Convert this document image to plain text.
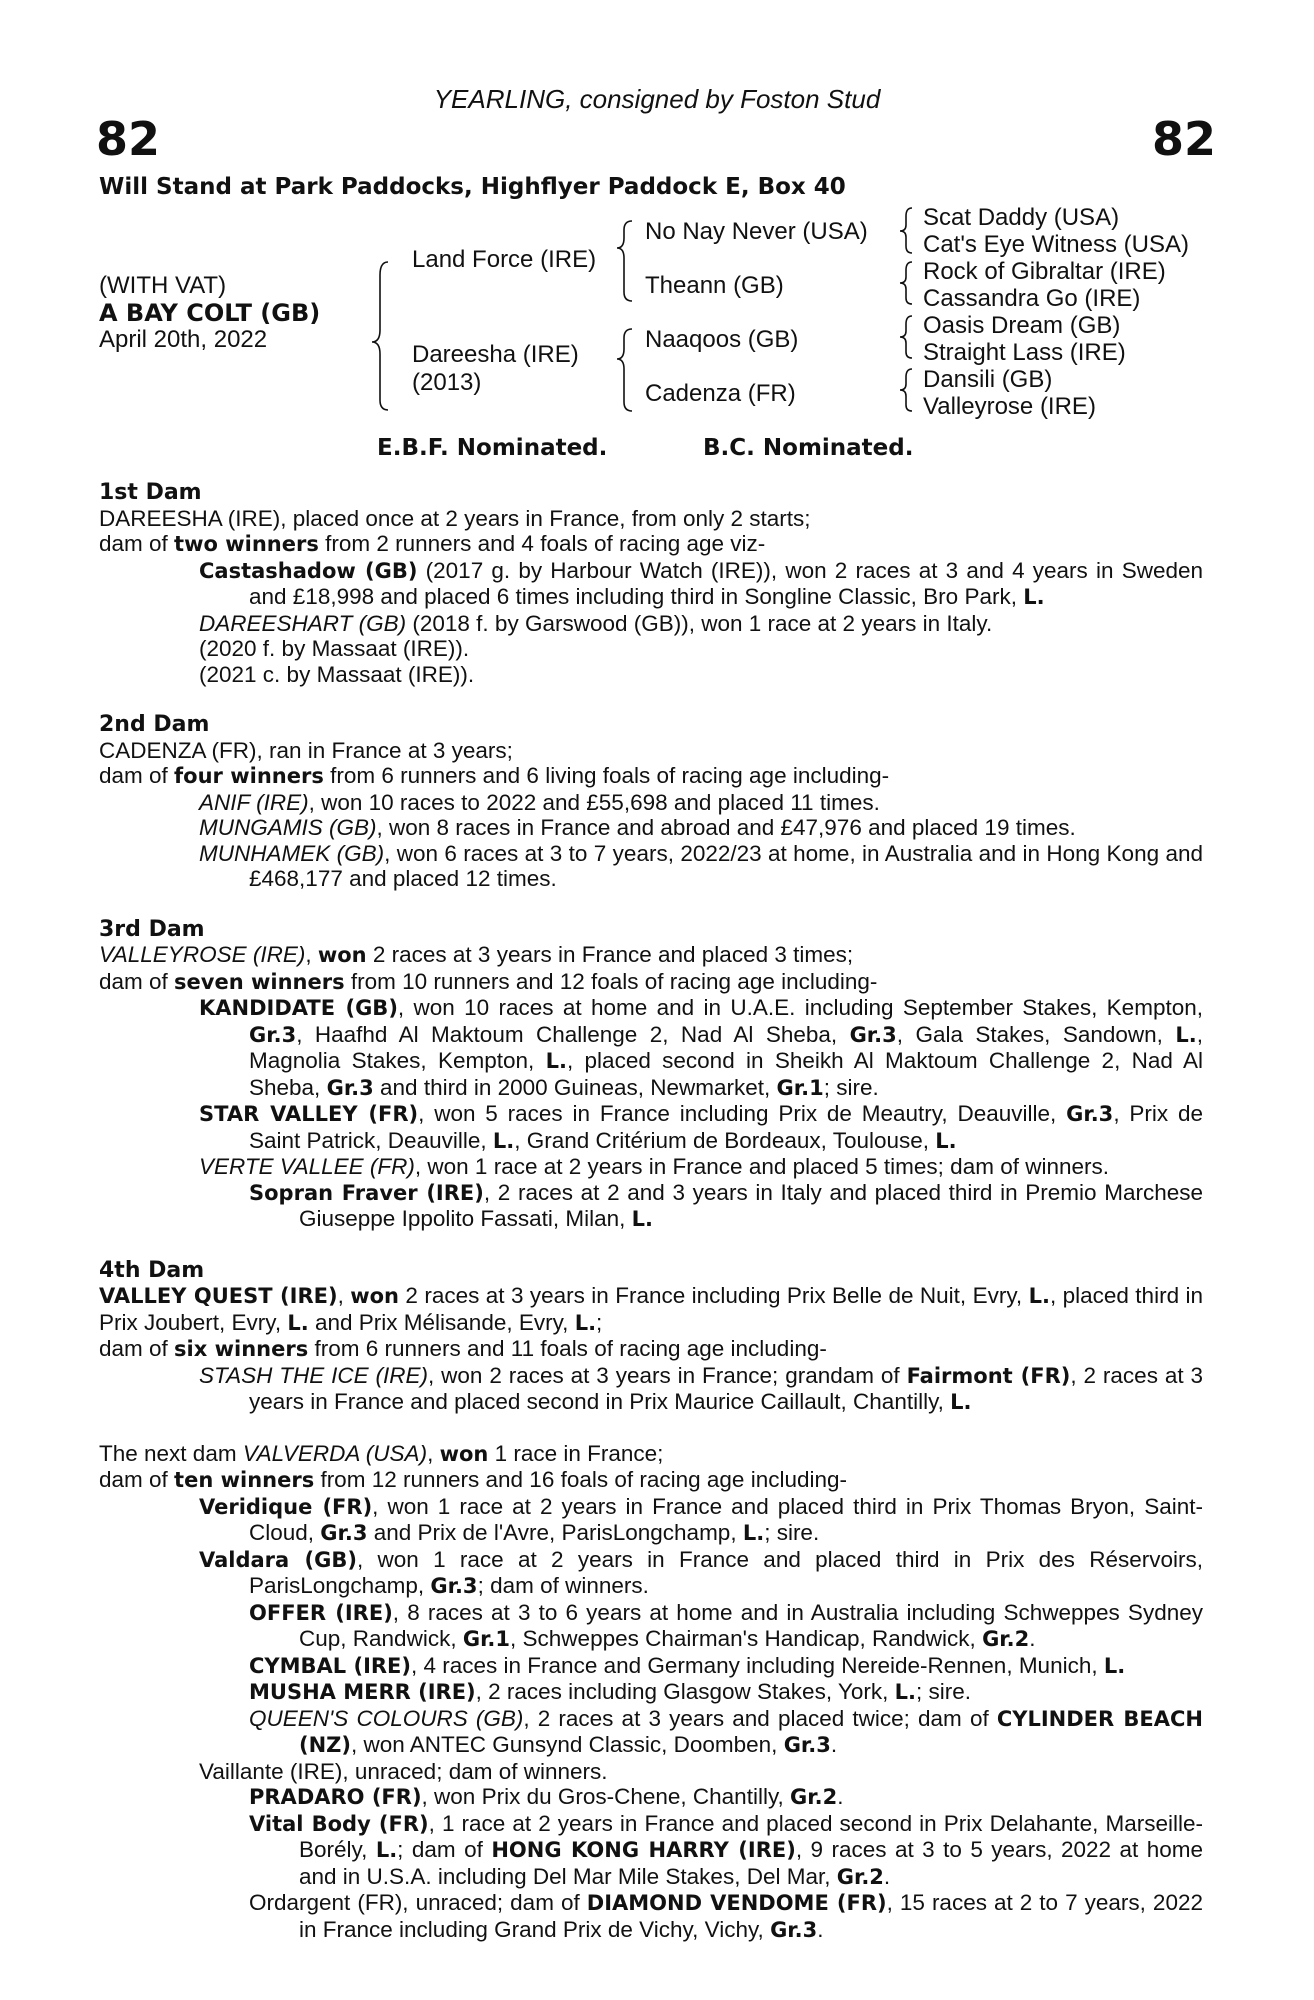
YEARLING, consigned by Foston Stud
82	82
Will Stand at Park Paddocks, Highflyer Paddock E, Box 40
(WITH VAT)
A BAY COLT (GB)
April 20th, 2022
Land Force (IRE)
Dareesha (IRE)
(2013)
No Nay Never (USA)
Theann (GB)
Naaqoos (GB)
Cadenza (FR)
Scat Daddy (USA)
Cat's Eye Witness (USA)
Rock of Gibraltar (IRE)
Cassandra Go (IRE)
Oasis Dream (GB)
Straight Lass (IRE)
Dansili (GB)
Valleyrose (IRE)
E.B.F. Nominated.	B.C. Nominated.
1st Dam
DAREESHA (IRE), placed once at 2 years in France, from only 2 starts;
dam of two winners from 2 runners and 4 foals of racing age viz-
Castashadow (GB) (2017 g. by Harbour Watch (IRE)), won 2 races at 3 and 4 years in Sweden and £18,998 and placed 6 times including third in Songline Classic, Bro Park, L.
DAREESHART (GB) (2018 f. by Garswood (GB)), won 1 race at 2 years in Italy.
(2020 f. by Massaat (IRE)).
(2021 c. by Massaat (IRE)).
2nd Dam
CADENZA (FR), ran in France at 3 years;
dam of four winners from 6 runners and 6 living foals of racing age including-
ANIF (IRE), won 10 races to 2022 and £55,698 and placed 11 times.
MUNGAMIS (GB), won 8 races in France and abroad and £47,976 and placed 19 times.
MUNHAMEK (GB), won 6 races at 3 to 7 years, 2022/23 at home, in Australia and in Hong Kong and £468,177 and placed 12 times.
3rd Dam
VALLEYROSE (IRE), won 2 races at 3 years in France and placed 3 times;
dam of seven winners from 10 runners and 12 foals of racing age including-
KANDIDATE (GB), won 10 races at home and in U.A.E. including September Stakes, Kempton, Gr.3, Haafhd Al Maktoum Challenge 2, Nad Al Sheba, Gr.3, Gala Stakes, Sandown, L., Magnolia Stakes, Kempton, L., placed second in Sheikh Al Maktoum Challenge 2, Nad Al Sheba, Gr.3 and third in 2000 Guineas, Newmarket, Gr.1; sire.
STAR VALLEY (FR), won 5 races in France including Prix de Meautry, Deauville, Gr.3, Prix de Saint Patrick, Deauville, L., Grand Critérium de Bordeaux, Toulouse, L.
VERTE VALLEE (FR), won 1 race at 2 years in France and placed 5 times; dam of winners.
Sopran Fraver (IRE), 2 races at 2 and 3 years in Italy and placed third in Premio Marchese Giuseppe Ippolito Fassati, Milan, L.
4th Dam
VALLEY QUEST (IRE), won 2 races at 3 years in France including Prix Belle de Nuit, Evry, L., placed third in Prix Joubert, Evry, L. and Prix Mélisande, Evry, L.;
dam of six winners from 6 runners and 11 foals of racing age including-
STASH THE ICE (IRE), won 2 races at 3 years in France; grandam of Fairmont (FR), 2 races at 3 years in France and placed second in Prix Maurice Caillault, Chantilly, L.
The next dam VALVERDA (USA), won 1 race in France;
dam of ten winners from 12 runners and 16 foals of racing age including-
Veridique (FR), won 1 race at 2 years in France and placed third in Prix Thomas Bryon, Saint-Cloud, Gr.3 and Prix de l'Avre, ParisLongchamp, L.; sire.
Valdara (GB), won 1 race at 2 years in France and placed third in Prix des Réservoirs, ParisLongchamp, Gr.3; dam of winners.
OFFER (IRE), 8 races at 3 to 6 years at home and in Australia including Schweppes Sydney Cup, Randwick, Gr.1, Schweppes Chairman's Handicap, Randwick, Gr.2.
CYMBAL (IRE), 4 races in France and Germany including Nereide-Rennen, Munich, L.
MUSHA MERR (IRE), 2 races including Glasgow Stakes, York, L.; sire.
QUEEN'S COLOURS (GB), 2 races at 3 years and placed twice; dam of CYLINDER BEACH (NZ), won ANTEC Gunsynd Classic, Doomben, Gr.3.
Vaillante (IRE), unraced; dam of winners.
PRADARO (FR), won Prix du Gros-Chene, Chantilly, Gr.2.
Vital Body (FR), 1 race at 2 years in France and placed second in Prix Delahante, Marseille-Borély, L.; dam of HONG KONG HARRY (IRE), 9 races at 3 to 5 years, 2022 at home and in U.S.A. including Del Mar Mile Stakes, Del Mar, Gr.2.
Ordargent (FR), unraced; dam of DIAMOND VENDOME (FR), 15 races at 2 to 7 years, 2022 in France including Grand Prix de Vichy, Vichy, Gr.3.
